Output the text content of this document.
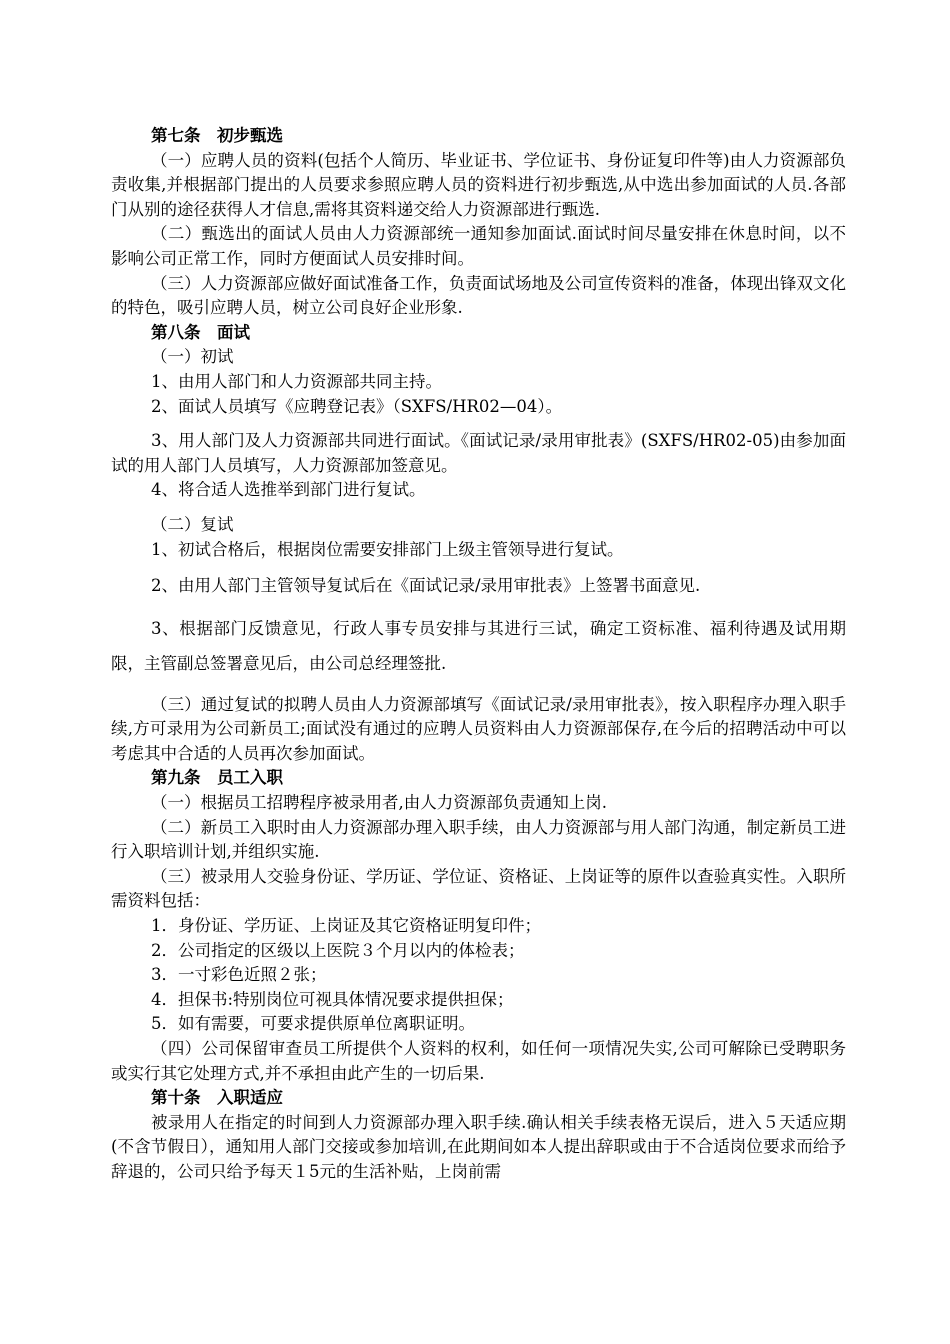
第七条　初步甄选

（一）应聘人员的资料(包括个人简历、毕业证书、学位证书、身份证复印件等)由人力资源部负责收集,并根据部门提出的人员要求参照应聘人员的资料进行初步甄选,从中选出参加面试的人员.各部门从别的途径获得人才信息,需将其资料递交给人力资源部进行甄选.

（二）甄选出的面试人员由人力资源部统一通知参加面试.面试时间尽量安排在休息时间，以不影响公司正常工作，同时方便面试人员安排时间。

（三）人力资源部应做好面试准备工作，负责面试场地及公司宣传资料的准备，体现出锋双文化的特色，吸引应聘人员，树立公司良好企业形象.

第八条　面试

（一）初试

1、由用人部门和人力资源部共同主持。

2、面试人员填写《应聘登记表》（SXFS/HR02—04）。

3、用人部门及人力资源部共同进行面试。《面试记录/录用审批表》(SXFS/HR02-05)由参加面试的用人部门人员填写，人力资源部加签意见。

4、将合适人选推举到部门进行复试。

（二）复试

1、初试合格后，根据岗位需要安排部门上级主管领导进行复试。

2、由用人部门主管领导复试后在《面试记录/录用审批表》上签署书面意见.

3、根据部门反馈意见，行政人事专员安排与其进行三试，确定工资标准、福利待遇及试用期限，主管副总签署意见后，由公司总经理签批.

（三）通过复试的拟聘人员由人力资源部填写《面试记录/录用审批表》，按入职程序办理入职手续,方可录用为公司新员工;面试没有通过的应聘人员资料由人力资源部保存,在今后的招聘活动中可以考虑其中合适的人员再次参加面试。

第九条　员工入职

（一）根据员工招聘程序被录用者,由人力资源部负责通知上岗.

（二）新员工入职时由人力资源部办理入职手续，由人力资源部与用人部门沟通，制定新员工进行入职培训计划,并组织实施.

（三）被录用人交验身份证、学历证、学位证、资格证、上岗证等的原件以查验真实性。入职所需资料包括：

1．身份证、学历证、上岗证及其它资格证明复印件；

2．公司指定的区级以上医院３个月以内的体检表；

3．一寸彩色近照２张；

4．担保书:特别岗位可视具体情况要求提供担保；

5．如有需要，可要求提供原单位离职证明。

（四）公司保留审查员工所提供个人资料的权利，如任何一项情况失实,公司可解除已受聘职务或实行其它处理方式,并不承担由此产生的一切后果.

第十条　入职适应

被录用人在指定的时间到人力资源部办理入职手续.确认相关手续表格无误后，进入５天适应期(不含节假日），通知用人部门交接或参加培训,在此期间如本人提出辞职或由于不合适岗位要求而给予辞退的，公司只给予每天１5元的生活补贴，上岗前需
